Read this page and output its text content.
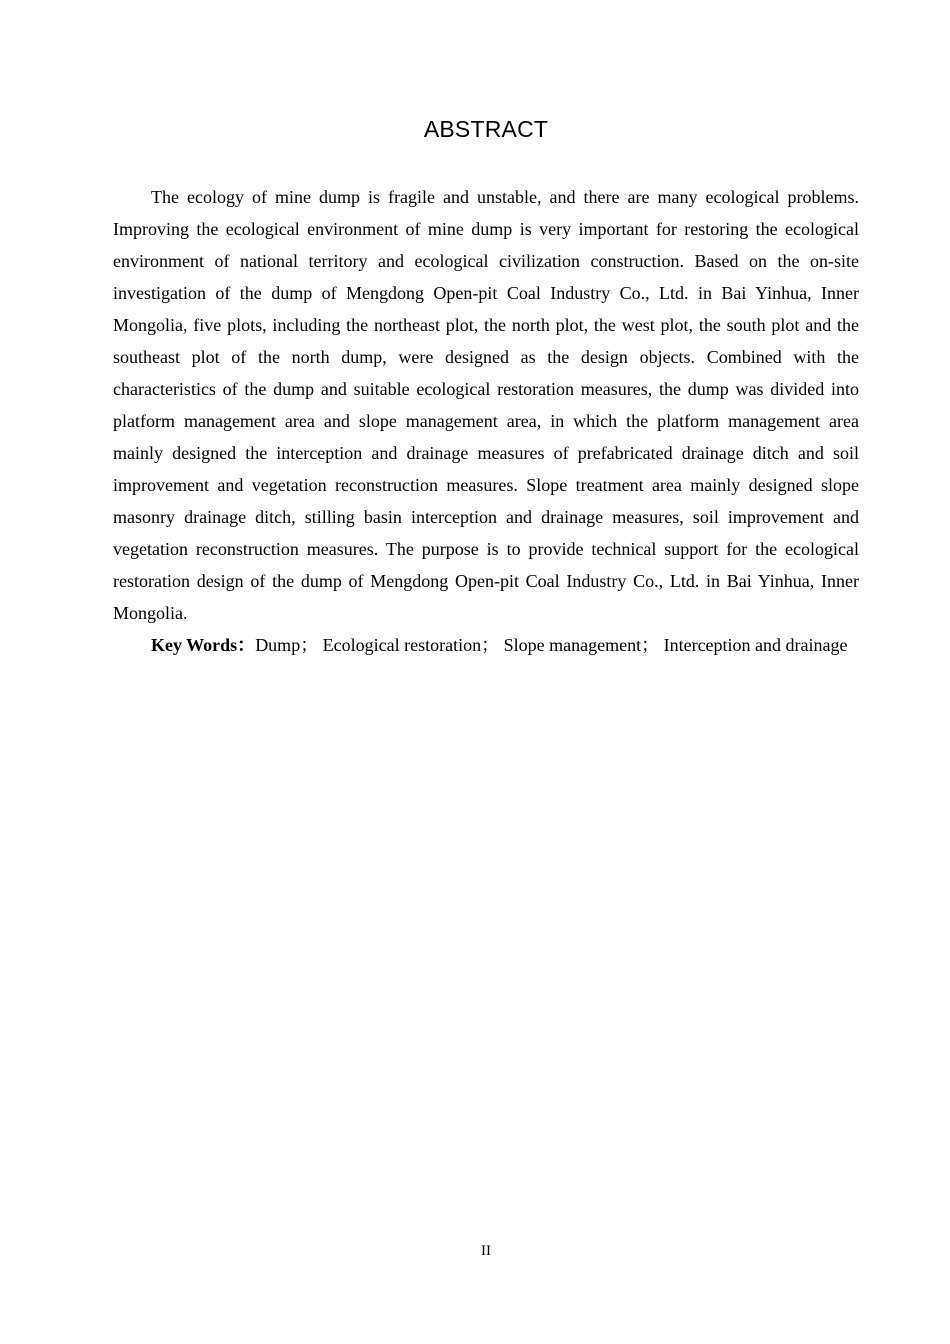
ABSTRACT

The ecology of mine dump is fragile and unstable, and there are many ecological problems. Improving the ecological environment of mine dump is very important for restoring the ecological environment of national territory and ecological civilization construction. Based on the on-site investigation of the dump of Mengdong Open-pit Coal Industry Co., Ltd. in Bai Yinhua, Inner Mongolia, five plots, including the northeast plot, the north plot, the west plot, the south plot and the southeast plot of the north dump, were designed as the design objects. Combined with the characteristics of the dump and suitable ecological restoration measures, the dump was divided into platform management area and slope management area, in which the platform management area mainly designed the interception and drainage measures of prefabricated drainage ditch and soil improvement and vegetation reconstruction measures. Slope treatment area mainly designed slope masonry drainage ditch, stilling basin interception and drainage measures, soil improvement and vegetation reconstruction measures. The purpose is to provide technical support for the ecological restoration design of the dump of Mengdong Open-pit Coal Industry Co., Ltd. in Bai Yinhua, Inner Mongolia.

Key Words：Dump； Ecological restoration； Slope management； Interception and drainage

II
